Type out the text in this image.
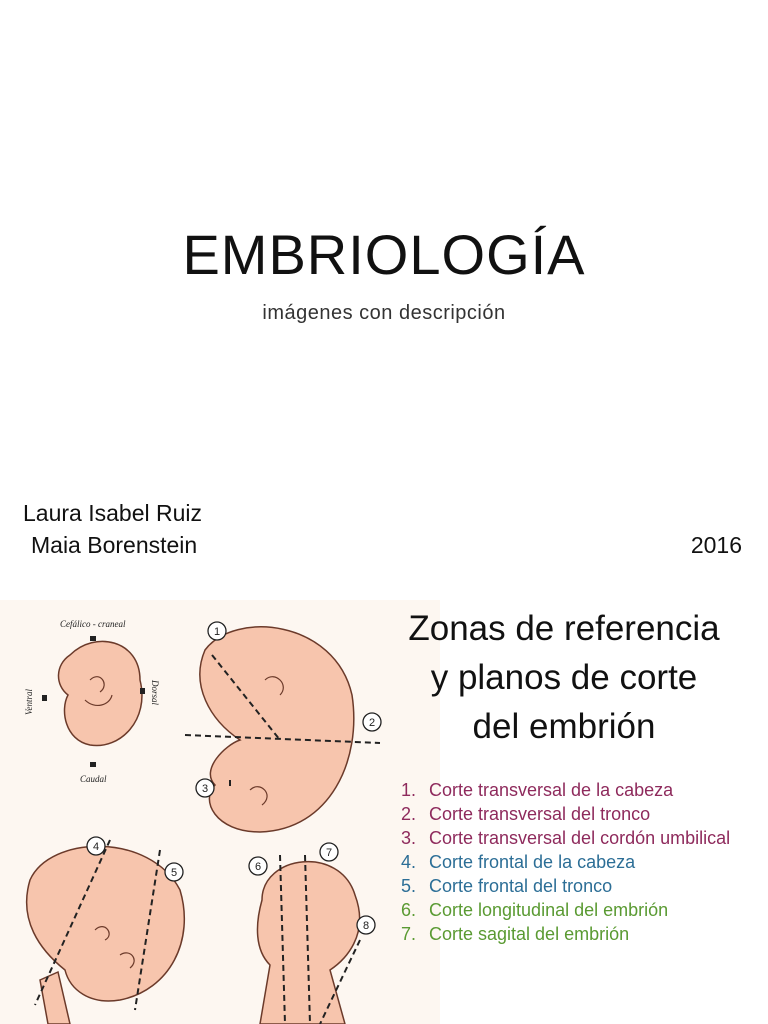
EMBRIOLOGÍA
imágenes con descripción
Laura Isabel Ruiz
Maia Borenstein	2016
Cefálico - craneal
Caudal
Ventral	Dorsal
1
2
3
4
5	6
7
8
Zonas de referencia
y planos de corte
del embrión
1. Corte transversal de la cabeza
2. Corte transversal del tronco
3. Corte transversal del cordón umbilical
4. Corte frontal de la cabeza
5. Corte frontal del tronco
6. Corte longitudinal del embrión
7. Corte sagital del embrión
